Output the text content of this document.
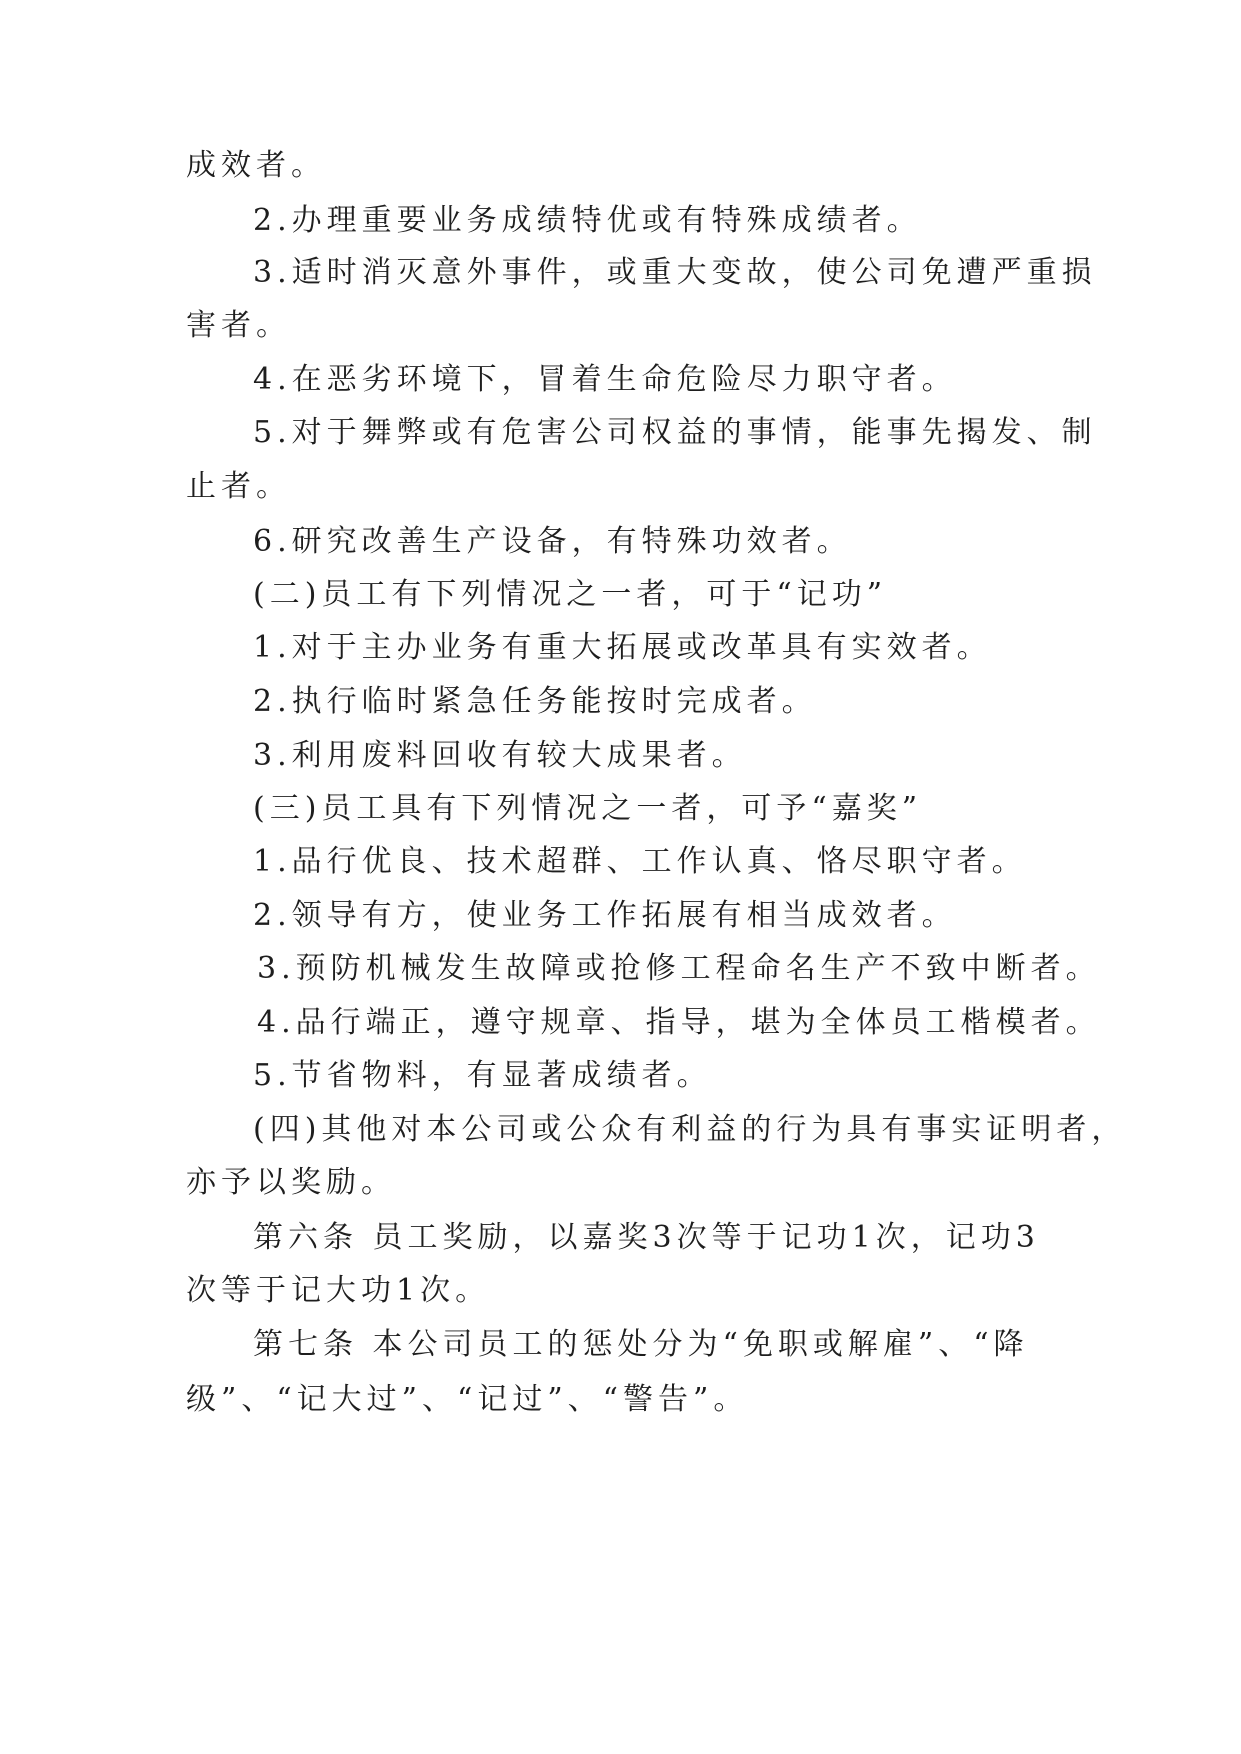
成效者。
2.办理重要业务成绩特优或有特殊成绩者。
3.适时消灭意外事件，或重大变故，使公司免遭严重损
害者。
4.在恶劣环境下，冒着生命危险尽力职守者。
5.对于舞弊或有危害公司权益的事情，能事先揭发、制
止者。
6.研究改善生产设备，有特殊功效者。
(二)员工有下列情况之一者，可于“记功”
1.对于主办业务有重大拓展或改革具有实效者。
2.执行临时紧急任务能按时完成者。
3.利用废料回收有较大成果者。
(三)员工具有下列情况之一者，可予“嘉奖”
1.品行优良、技术超群、工作认真、恪尽职守者。
2.领导有方，使业务工作拓展有相当成效者。
3.预防机械发生故障或抢修工程命名生产不致中断者。
4.品行端正，遵守规章、指导，堪为全体员工楷模者。
5.节省物料，有显著成绩者。
(四)其他对本公司或公众有利益的行为具有事实证明者，
亦予以奖励。
第六条 员工奖励，以嘉奖3次等于记功1次，记功3
次等于记大功1次。
第七条 本公司员工的惩处分为“免职或解雇”、“降
级”、“记大过”、“记过”、“警告”。
